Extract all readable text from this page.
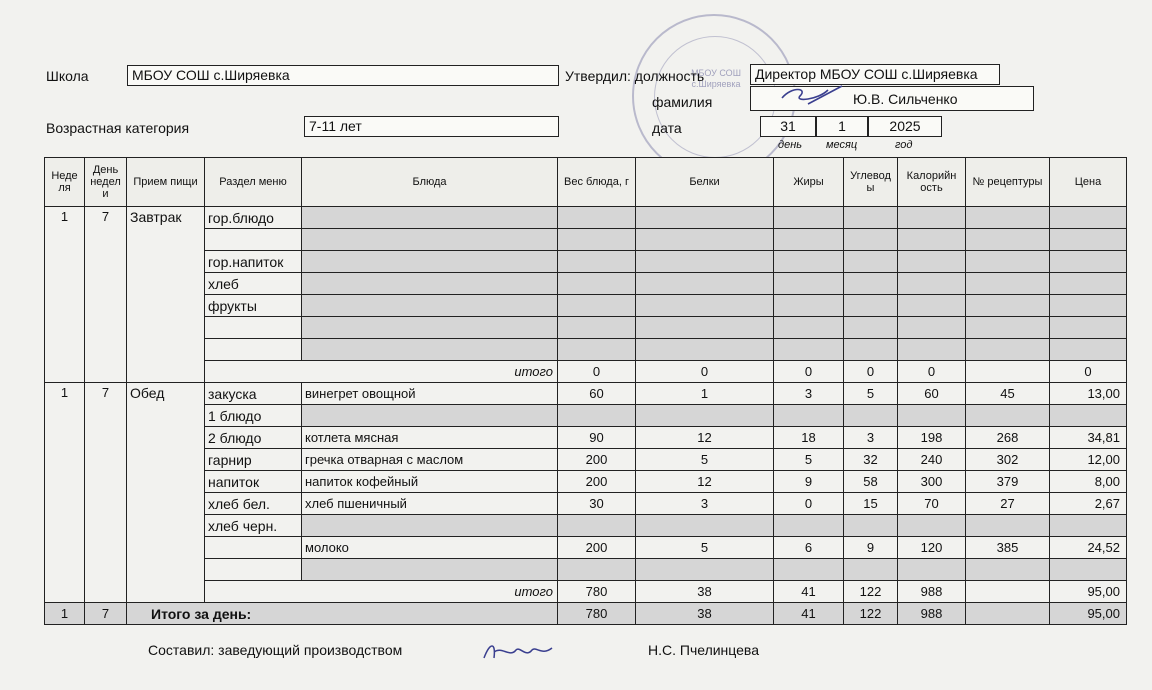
МБОУ СОШ с.Ширяевка
Школа	МБОУ СОШ с.Ширяевка
Возрастная категория	7-11 лет
Утвердил: должность	Директор МБОУ СОШ с.Ширяевка
фамилия	Ю.В. Сильченко
дата	31	1	2025
день месяц	год
Неде ля	День недел и	Прием пищи	Раздел меню	Блюда	Вес блюда, г	Белки	Жиры	Углевод ы	Калорийн ость	№ рецептуры	Цена
1	7	Завтрак	гор.блюдо								

			гор.напиток								
			хлеб								
			фрукты								

			итого		0	0	0	0	0		0
1	7	Обед	закуска	винегрет овощной	60	1	3	5	60	45	13,00
			1 блюдо								
			2 блюдо	котлета мясная	90	12	18	3	198	268	34,81
			гарнир	гречка отварная с маслом	200	5	5	32	240	302	12,00
			напиток	напиток кофейный	200	12	9	58	300	379	8,00
			хлеб бел.	хлеб пшеничный	30	3	0	15	70	27	2,67
			хлеб черн.								
				молоко	200	5	6	9	120	385	24,52

			итого		780	38	41	122	988		95,00
1	7	Итого за день:			780	38	41	122	988		95,00
Составил: заведующий производством	Н.С. Пчелинцева
